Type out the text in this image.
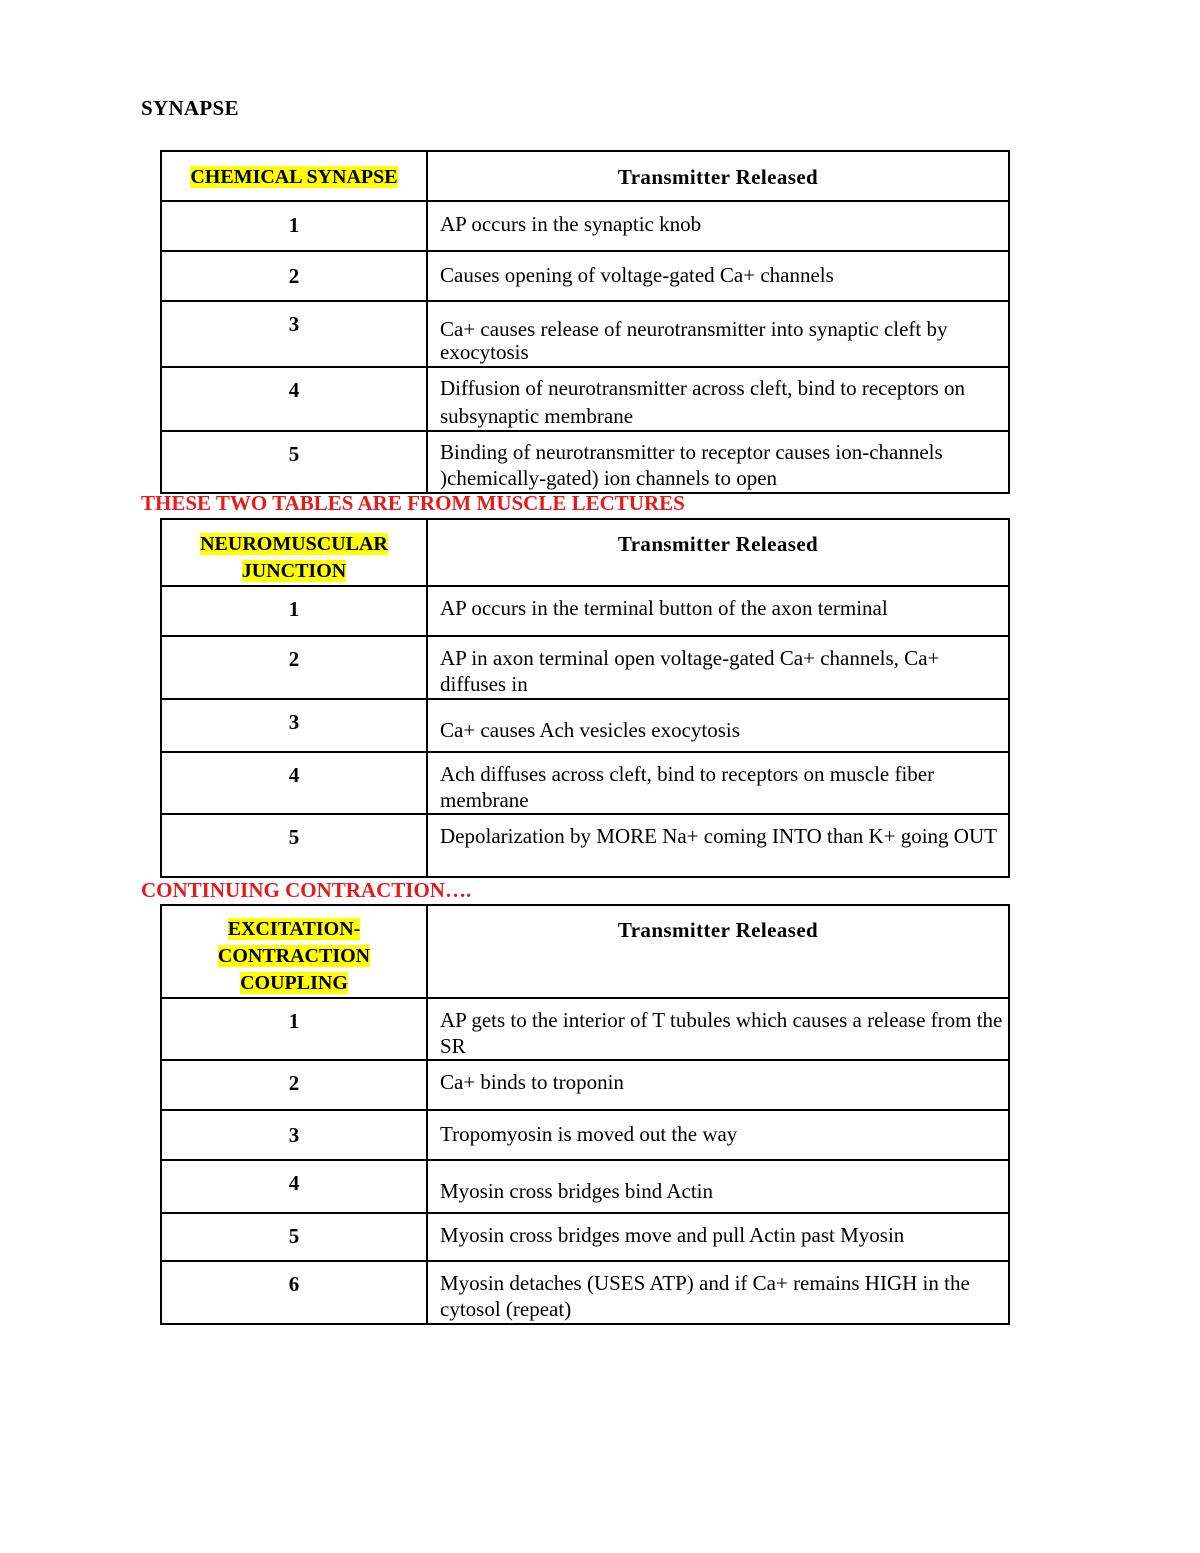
SYNAPSE
CHEMICAL SYNAPSE	Transmitter Released
1	AP occurs in the synaptic knob
2	Causes opening of voltage-gated Ca+ channels
3	Ca+ causes release of neurotransmitter into synaptic cleft by exocytosis
4	Diffusion of neurotransmitter across cleft, bind to receptors on subsynaptic membrane
5	Binding of neurotransmitter to receptor causes ion-channels )chemically-gated) ion channels to open
THESE TWO TABLES ARE FROM MUSCLE LECTURES
NEUROMUSCULAR
JUNCTION	Transmitter Released
1	AP occurs in the terminal button of the axon terminal
2	AP in axon terminal open voltage-gated Ca+ channels, Ca+ diffuses in
3	Ca+ causes Ach vesicles exocytosis
4	Ach diffuses across cleft, bind to receptors on muscle fiber membrane
5	Depolarization by MORE Na+ coming INTO than K+ going OUT
CONTINUING CONTRACTION….
EXCITATION-
CONTRACTION
COUPLING	Transmitter Released
1	AP gets to the interior of T tubules which causes a release from the SR
2	Ca+ binds to troponin
3	Tropomyosin is moved out the way
4	Myosin cross bridges bind Actin
5	Myosin cross bridges move and pull Actin past Myosin
6	Myosin detaches (USES ATP) and if Ca+ remains HIGH in the cytosol (repeat)
